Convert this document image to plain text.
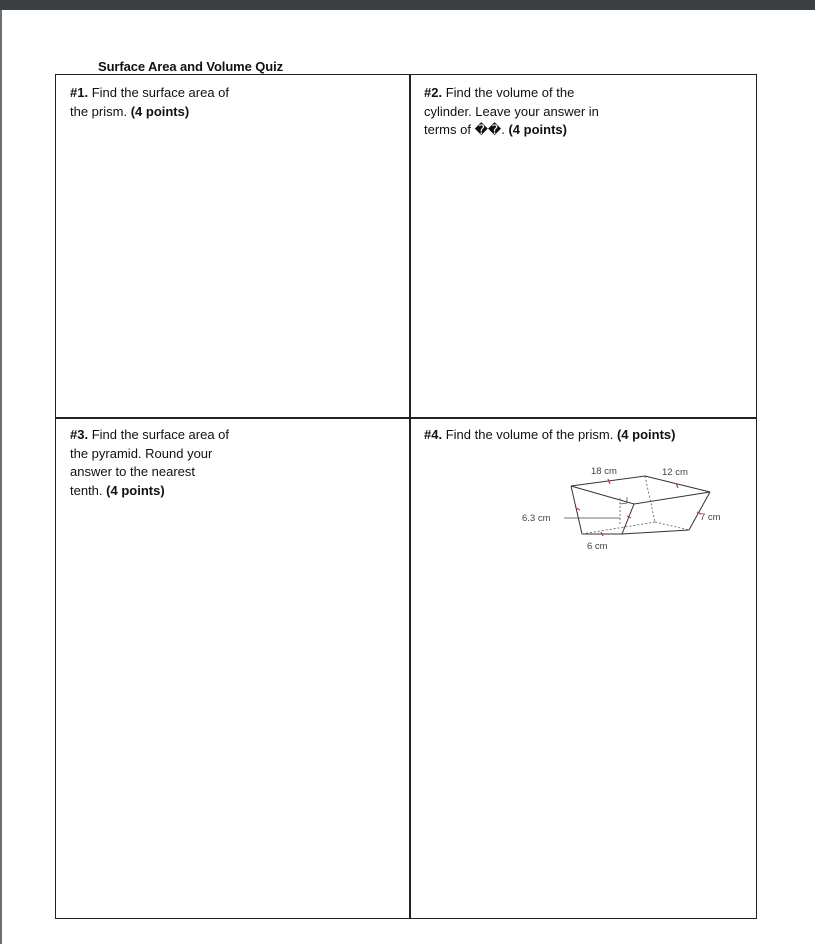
Surface Area and Volume Quiz
#1. Find the surface area of the prism. (4 points)
#2. Find the volume of the cylinder. Leave your answer in terms of ��. (4 points)
#3. Find the surface area of the pyramid. Round your answer to the nearest tenth. (4 points)
#4. Find the volume of the prism. (4 points)
18 cm	12 cm
6.3 cm
6 cm
7 cm
